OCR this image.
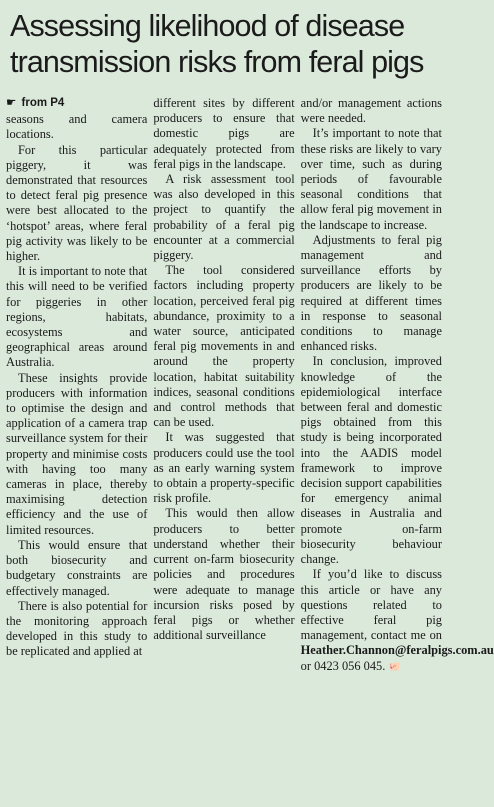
Assessing likelihood of disease
transmission risks from feral pigs
☛ from P4

seasons and camera locations.

For this particular piggery, it was demonstrated that resources to detect feral pig presence were best allocated to the ‘hotspot’ areas, where feral pig activity was likely to be higher.

It is important to note that this will need to be verified for piggeries in other regions, habitats, ecosystems and geographical areas around Australia.

These insights provide producers with information to optimise the design and application of a camera trap surveillance system for their property and minimise costs with having too many cameras in place, thereby maximising detection efficiency and the use of limited resources.

This would ensure that both biosecurity and budgetary constraints are effectively managed.

There is also potential for the monitoring approach developed in this study to be replicated and applied at

different sites by different producers to ensure that domestic pigs are adequately protected from feral pigs in the landscape.

A risk assessment tool was also developed in this project to quantify the probability of a feral pig encounter at a commercial piggery.

The tool considered factors including property location, perceived feral pig abundance, proximity to a water source, anticipated feral pig movements in and around the property location, habitat suitability indices, seasonal conditions and control methods that can be used.

It was suggested that producers could use the tool as an early warning system to obtain a property-specific risk profile.

This would then allow producers to better understand whether their current on-farm biosecurity policies and procedures were adequate to manage incursion risks posed by feral pigs or whether additional surveillance

and/or management actions were needed.

It’s important to note that these risks are likely to vary over time, such as during periods of favourable seasonal conditions that allow feral pig movement in the landscape to increase.

Adjustments to feral pig management and surveillance efforts by producers are likely to be required at different times in response to seasonal conditions to manage enhanced risks.

In conclusion, improved knowledge of the epidemiological interface between feral and domestic pigs obtained from this study is being incorporated into the AADIS model framework to improve decision support capabilities for emergency animal diseases in Australia and promote on-farm biosecurity behaviour change.

If you’d like to discuss this article or have any questions related to effective feral pig management, contact me on Heather.Channon@feralpigs.com.au or 0423 056 045. 🐖
